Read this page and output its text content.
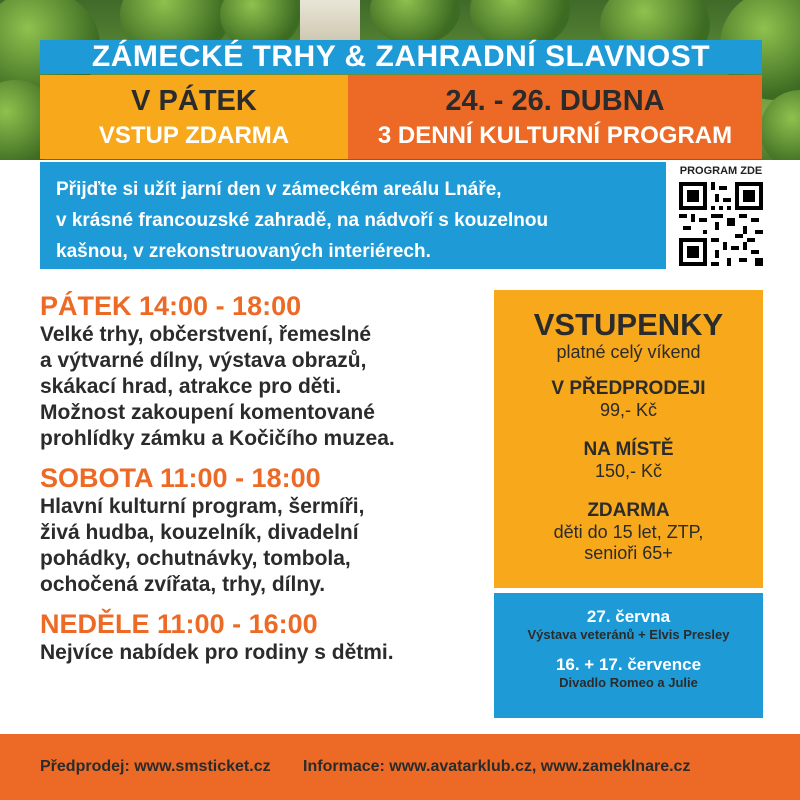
ZÁMECKÉ TRHY & ZAHRADNÍ SLAVNOST
V PÁTEK
VSTUP ZDARMA
24. - 26. DUBNA
3 DENNÍ KULTURNÍ PROGRAM
Přijďte si užít jarní den v zámeckém areálu Lnáře,
v krásné francouzské zahradě, na nádvoří s kouzelnou
kašnou, v zrekonstruovaných interiérech.
PROGRAM ZDE
PÁTEK 14:00 - 18:00
Velké trhy, občerstvení, řemeslné
a výtvarné dílny, výstava obrazů,
skákací hrad, atrakce pro děti.
Možnost zakoupení komentované
prohlídky zámku a Kočičího muzea.
SOBOTA 11:00 - 18:00
Hlavní kulturní program, šermíři,
živá hudba, kouzelník, divadelní
pohádky, ochutnávky, tombola,
ochočená zvířata, trhy, dílny.
NEDĚLE 11:00 - 16:00
Nejvíce nabídek pro rodiny s dětmi.
VSTUPENKY
platné celý víkend
V PŘEDPRODEJI
99,- Kč
NA MÍSTĚ
150,- Kč
ZDARMA
děti do 15 let, ZTP,
senioři 65+
27. června
Výstava veteránů + Elvis Presley
16. + 17. července
Divadlo Romeo a Julie
Předprodej: www.smsticket.cz Informace: www.avatarklub.cz, www.zameklnare.cz
